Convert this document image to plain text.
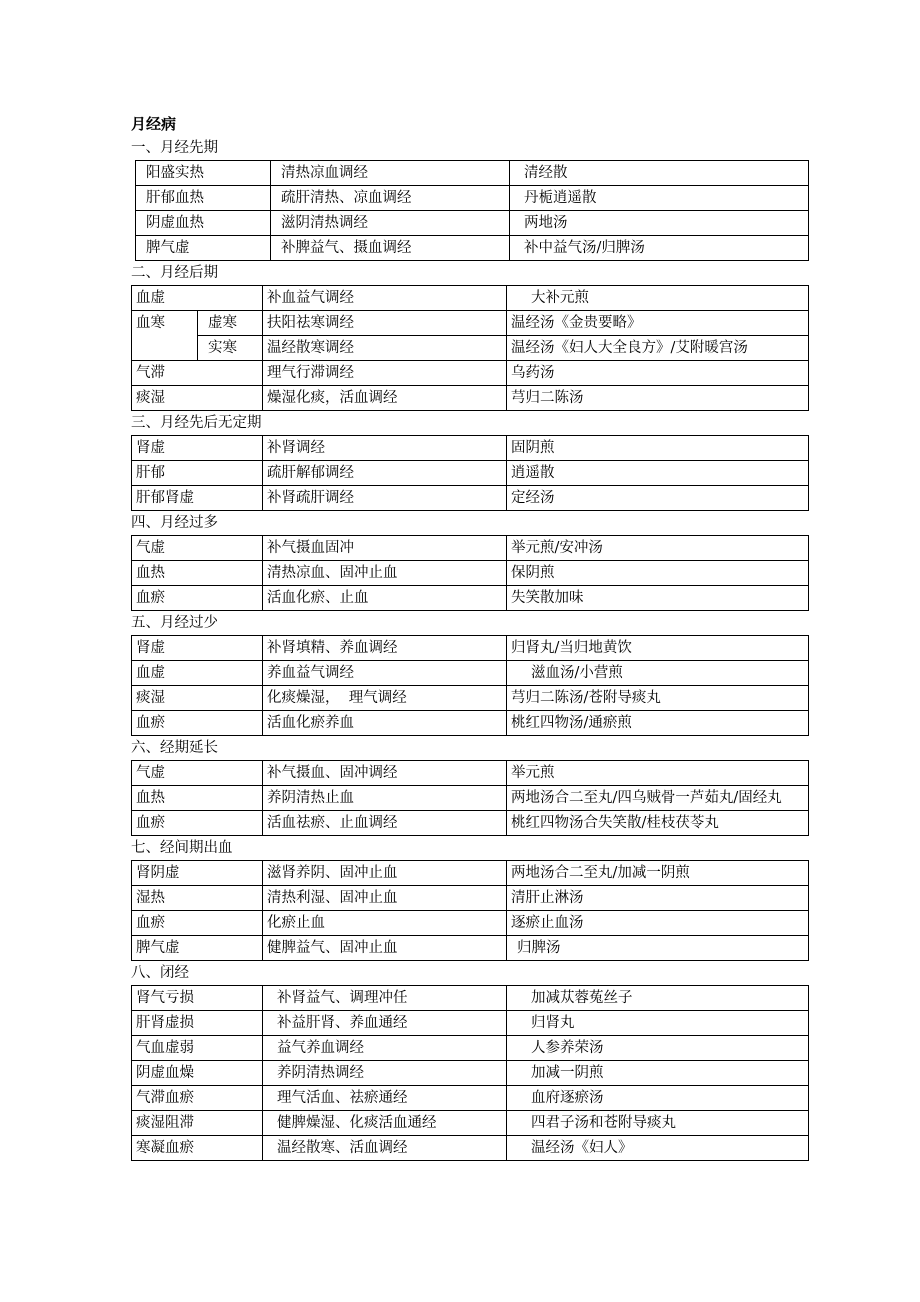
月经病
一、月经先期
阳盛实热	清热凉血调经	清经散
肝郁血热	疏肝清热、凉血调经	丹栀逍遥散
阴虚血热	滋阴清热调经	两地汤
脾气虚	补脾益气、摄血调经	补中益气汤/归脾汤
二、月经后期
血虚		补血益气调经	大补元煎
血寒	虚寒	扶阳祛寒调经	温经汤《金贵要略》
	实寒	温经散寒调经	温经汤《妇人大全良方》/艾附暖宫汤
气滞		理气行滞调经	乌药汤
痰湿		燥湿化痰，活血调经	芎归二陈汤
三、月经先后无定期
肾虚	补肾调经	固阴煎
肝郁	疏肝解郁调经	逍遥散
肝郁肾虚	补肾疏肝调经	定经汤
四、月经过多
气虚	补气摄血固冲	举元煎/安冲汤
血热	清热凉血、固冲止血	保阴煎
血瘀	活血化瘀、止血	失笑散加味
五、月经过少
肾虚	补肾填精、养血调经	归肾丸/当归地黄饮
血虚	养血益气调经	滋血汤/小营煎
痰湿	化痰燥湿，  理气调经	芎归二陈汤/苍附导痰丸
血瘀	活血化瘀养血	桃红四物汤/通瘀煎
六、经期延长
气虚	补气摄血、固冲调经	举元煎
血热	养阴清热止血	两地汤合二至丸/四乌贼骨一芦茹丸/固经丸
血瘀	活血祛瘀、止血调经	桃红四物汤合失笑散/桂枝茯苓丸
七、经间期出血
肾阴虚	滋肾养阴、固冲止血	两地汤合二至丸/加减一阴煎
湿热	清热利湿、固冲止血	清肝止淋汤
血瘀	化瘀止血	逐瘀止血汤
脾气虚	健脾益气、固冲止血	归脾汤
八、闭经
肾气亏损	补肾益气、调理冲任	加减苁蓉菟丝子
肝肾虚损	补益肝肾、养血通经	归肾丸
气血虚弱	益气养血调经	人参养荣汤
阴虚血燥	养阴清热调经	加减一阴煎
气滞血瘀	理气活血、祛瘀通经	血府逐瘀汤
痰湿阻滞	健脾燥湿、化痰活血通经	四君子汤和苍附导痰丸
寒凝血瘀	温经散寒、活血调经	温经汤《妇人》
